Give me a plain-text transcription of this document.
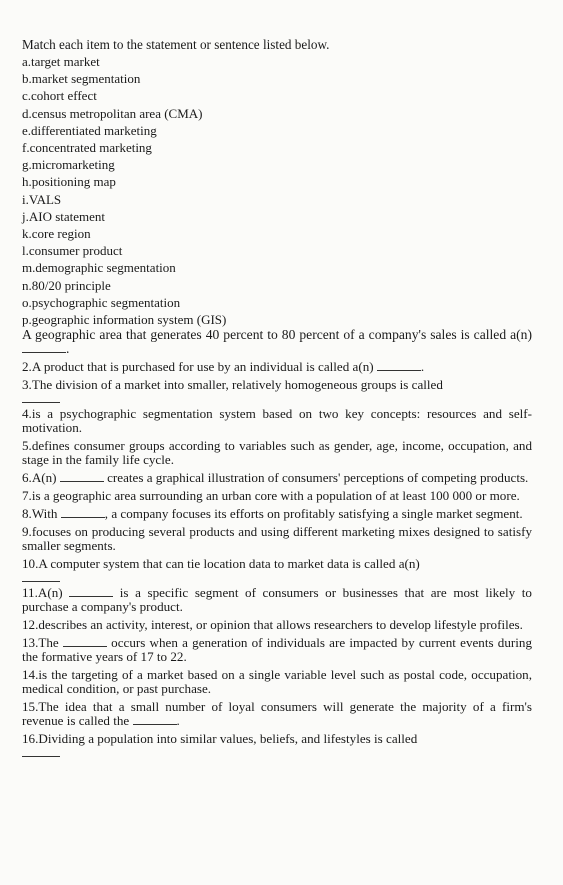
Match each item to the statement or sentence listed below.

a.target market
b.market segmentation
c.cohort effect
d.census metropolitan area (CMA)
e.differentiated marketing
f.concentrated marketing
g.micromarketing
h.positioning map
i.VALS
j.AIO statement
k.core region
l.consumer product
m.demographic segmentation
n.80/20 principle
o.psychographic segmentation
p.geographic information system (GIS)

A geographic area that generates 40 percent to 80 percent of a company's sales is called a(n) .

2.A product that is purchased for use by an individual is called a(n)	.

3.The division of a market into smaller, relatively homogeneous groups is called

4.is a psychographic segmentation system based on two key concepts: resources and self-motivation.

5.defines consumer groups according to variables such as gender, age, income, occupation, and stage in the family life cycle.

6.A(n)	creates a graphical illustration of consumers' perceptions of competing products.

7.is a geographic area surrounding an urban core with a population of at least 100 000 or more.

8.With	, a company focuses its efforts on profitably satisfying a single market segment.

9.focuses on producing several products and using different marketing mixes designed to satisfy smaller segments.

10.A computer system that can tie location data to market data is called a(n)

11.A(n)	is a specific segment of consumers or businesses that are most likely to purchase a company's product.

12.describes an activity, interest, or opinion that allows researchers to develop lifestyle profiles.

13.The	occurs when a generation of individuals are impacted by current events during the formative years of 17 to 22.

14.is the targeting of a market based on a single variable level such as postal code, occupation, medical condition, or past purchase.

15.The idea that a small number of loyal consumers will generate the majority of a firm's revenue is called the	.

16.Dividing a population into similar values, beliefs, and lifestyles is called
